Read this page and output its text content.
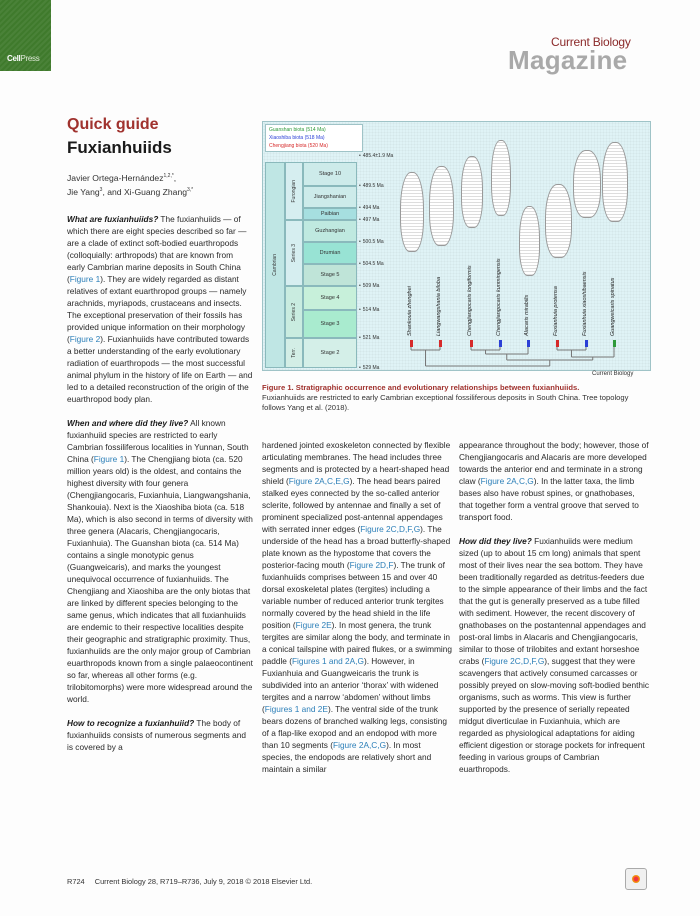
CellPress
Current Biology
Magazine
Quick guide
Fuxianhuiids
Javier Ortega-Hernández$^{1,2,*}$,
Jie Yang$^3$, and Xi-Guang Zhang$^{3,*}$

What are fuxianhuiids? The fuxianhuiids — of which there are eight species described so far — are a clade of extinct soft-bodied euarthropods (colloquially: arthropods) that are known from early Cambrian marine deposits in South China (Figure 1). They are widely regarded as distant relatives of extant euarthropod groups — namely arachnids, myriapods, crustaceans and insects. The exceptional preservation of their fossils has provided unique information on their morphology (Figure 2). Fuxianhuiids have contributed towards a better understanding of the early evolutionary radiation of euarthropods — the most successful animal phylum in the history of life on Earth — and led to a detailed reconstruction of the origin of the euarthropod body plan.

When and where did they live? All known fuxianhuiid species are restricted to early Cambrian fossiliferous localities in Yunnan, South China (Figure 1). The Chengjiang biota (ca. 520 million years old) is the oldest, and contains the highest diversity with four genera (Chengjiangocaris, Fuxianhuia, Liangwangshania, Shankouia). Next is the Xiaoshiba biota (ca. 518 Ma), which is also second in terms of diversity with three genera (Alacaris, Chengjiangocaris, Fuxianhuia). The Guanshan biota (ca. 514 Ma) contains a single monotypic genus (Guangweicaris), and marks the youngest unequivocal occurrence of fuxianhuiids. The Chengjiang and Xiaoshiba are the only biotas that are linked by different species belonging to the same genus, which indicates that all fuxianhuiids are endemic to their respective localities despite their geographic and stratigraphic proximity. Thus, fuxianhuiids are the only major group of Cambrian euarthropods known from a single palaeocontinent so far, whereas all other forms (e.g. trilobitomorphs) were more widespread around the world.

How to recognize a fuxianhuiid? The body of fuxianhuiids consists of numerous segments and is covered by a

Guanshan biota (514 Ma)
Xiaoshiba biota (518 Ma)
Chengjiang biota (520 Ma)
Stage 10
Jiangshanian
Paibian
Guzhangian
Drumian
Stage 5
Stage 4
Stage 3
Stage 2
Cambrian
Furongian
Series 3
Series 2
Terr.
• 485.4±1.9 Ma
• 489.5 Ma
• 494 Ma
• 497 Ma
• 500.5 Ma
• 504.5 Ma
• 509 Ma
• 514 Ma
• 521 Ma
• 529 Ma
Shankouia zhenghei	Liangwangshania biloba	Chengjiangocaris longiformis	Chengjiangocaris kunmingensis	Alacaris mirabilis	Fuxianhuia protensa	Fuxianhuia xiaoshibaensis	Guangweicaris spinatus
Current Biology
Figure 1. Stratigraphic occurrence and evolutionary relationships between fuxianhuiids.
Fuxianhuiids are restricted to early Cambrian exceptional fossiliferous deposits in South China. Tree topology follows Yang et al. (2018).

hardened jointed exoskeleton connected by flexible articulating membranes. The head includes three segments and is protected by a heart-shaped head shield (Figure 2A,C,E,G). The head bears paired stalked eyes connected by the so-called anterior sclerite, followed by antennae and finally a set of prominent specialized post-antennal appendages with serrated inner edges (Figure 2C,D,F,G). The underside of the head has a broad butterfly-shaped plate known as the hypostome that covers the posterior-facing mouth (Figure 2D,F). The trunk of fuxianhuiids comprises between 15 and over 40 dorsal exoskeletal plates (tergites) including a variable number of reduced anterior trunk tergites normally covered by the head shield in the life position (Figure 2E). In most genera, the trunk tergites are similar along the body, and terminate in a conical tailspine with paired flukes, or a swimming paddle (Figures 1 and 2A,G). However, in Fuxianhuia and Guangweicaris the trunk is subdivided into an anterior ‘thorax’ with widened tergites and a narrow ‘abdomen’ without limbs (Figures 1 and 2E). The ventral side of the trunk bears dozens of branched walking legs, consisting of a flap-like exopod and an endopod with more than 10 segments (Figure 2A,C,G). In most species, the endopods are relatively short and maintain a similar

appearance throughout the body; however, those of Chengjiangocaris and Alacaris are more developed towards the anterior end and terminate in a strong claw (Figure 2A,C,G). In the latter taxa, the limb bases also have robust spines, or gnathobases, that together form a ventral groove that served to transport food.

How did they live? Fuxianhuiids were medium sized (up to about 15 cm long) animals that spent most of their lives near the sea bottom. They have been traditionally regarded as detritus-feeders due to the simple appearance of their limbs and the fact that the gut is generally preserved as a tube filled with sediment. However, the recent discovery of gnathobases on the postantennal appendages and post-oral limbs in Alacaris and Chengjiangocaris, similar to those of trilobites and extant horseshoe crabs (Figure 2C,D,F,G), suggest that they were scavengers that actively consumed carcasses or possibly preyed on slow-moving soft-bodied benthic organisms, such as worms. This view is further supported by the presence of serially repeated midgut diverticulae in Fuxianhuia, which are regarded as physiological adaptations for aiding efficient digestion or storage pockets for infrequent feeding in various groups of Cambrian euarthropods.

R724 Current Biology 28, R719–R736, July 9, 2018 © 2018 Elsevier Ltd.
